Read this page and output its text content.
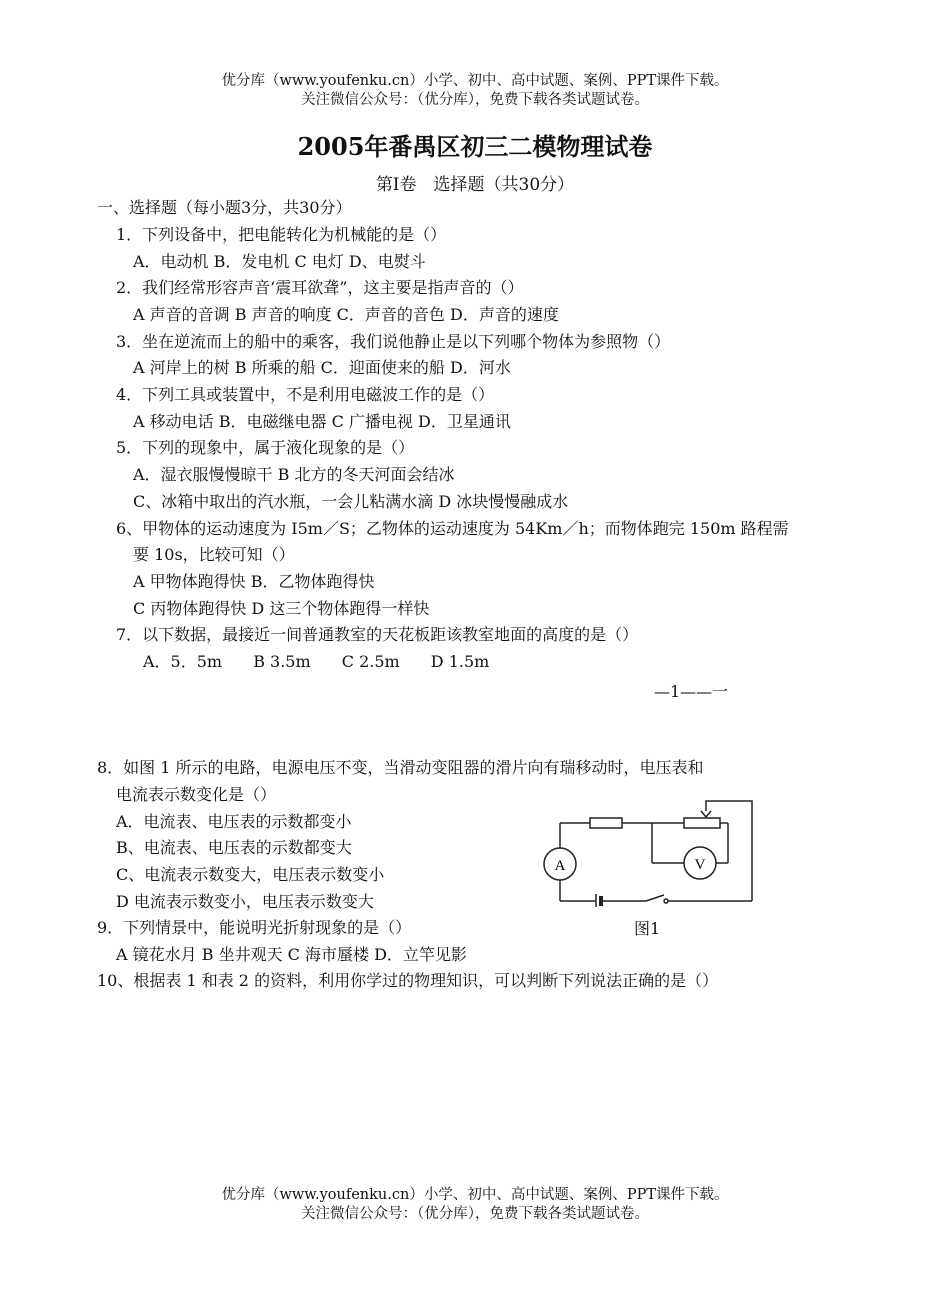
优分库（www.youfenku.cn）小学、初中、高中试题、案例、PPT课件下载。
关注微信公众号：（优分库），免费下载各类试题试卷。
2005年番禺区初三二模物理试卷
第I卷　选择题（共30分）
一、选择题（每小题3分，共30分）
1．下列设备中，把电能转化为机械能的是（）
A．电动机 B．发电机 C 电灯 D、电熨斗
2．我们经常形容声音‘震耳欲聋”，这主要是指声音的（）
A 声音的音调 B 声音的响度 C．声音的音色 D．声音的速度
3．坐在逆流而上的船中的乘客，我们说他静止是以下列哪个物体为参照物（）
A 河岸上的树 B 所乘的船 C．迎面使来的船 D．河水
4．下列工具或装置中，不是利用电磁波工作的是（）
A 移动电话 B．电磁继电器 C 广播电视 D．卫星通讯
5．下列的现象中，属于液化现象的是（）
A．湿衣服慢慢晾干 B 北方的冬天河面会结冰
C、冰箱中取出的汽水瓶，一会儿粘满水滴 D 冰块慢慢融成水
6、甲物体的运动速度为 I5m／S；乙物体的运动速度为 54Km／h；而物体跑完 150m 路程需
要 10s，比较可知（）
A 甲物体跑得快 B．乙物体跑得快
C 丙物体跑得快 D 这三个物体跑得一样快
7．以下数据，最接近一间普通教室的天花板距该教室地面的高度的是（）
A．5．5m B 3.5m C 2.5m D 1.5m
—1——一
8．如图 1 所示的电路，电源电压不变，当滑动变阻器的滑片向有瑞移动时，电压表和
电流表示数变化是（）
A．电流表、电压表的示数都变小
B、电流表、电压表的示数都变大
C、电流表示数变大，电压表示数变小
D 电流表示数变小，电压表示数变大
A	V
图1
9．下列情景中，能说明光折射现象的是（）
A 镜花水月 B 坐井观天 C 海市蜃楼 D．立竿见影
10、根据表 1 和表 2 的资料，利用你学过的物理知识，可以判断下列说法正确的是（）
优分库（www.youfenku.cn）小学、初中、高中试题、案例、PPT课件下载。
关注微信公众号：（优分库），免费下载各类试题试卷。
